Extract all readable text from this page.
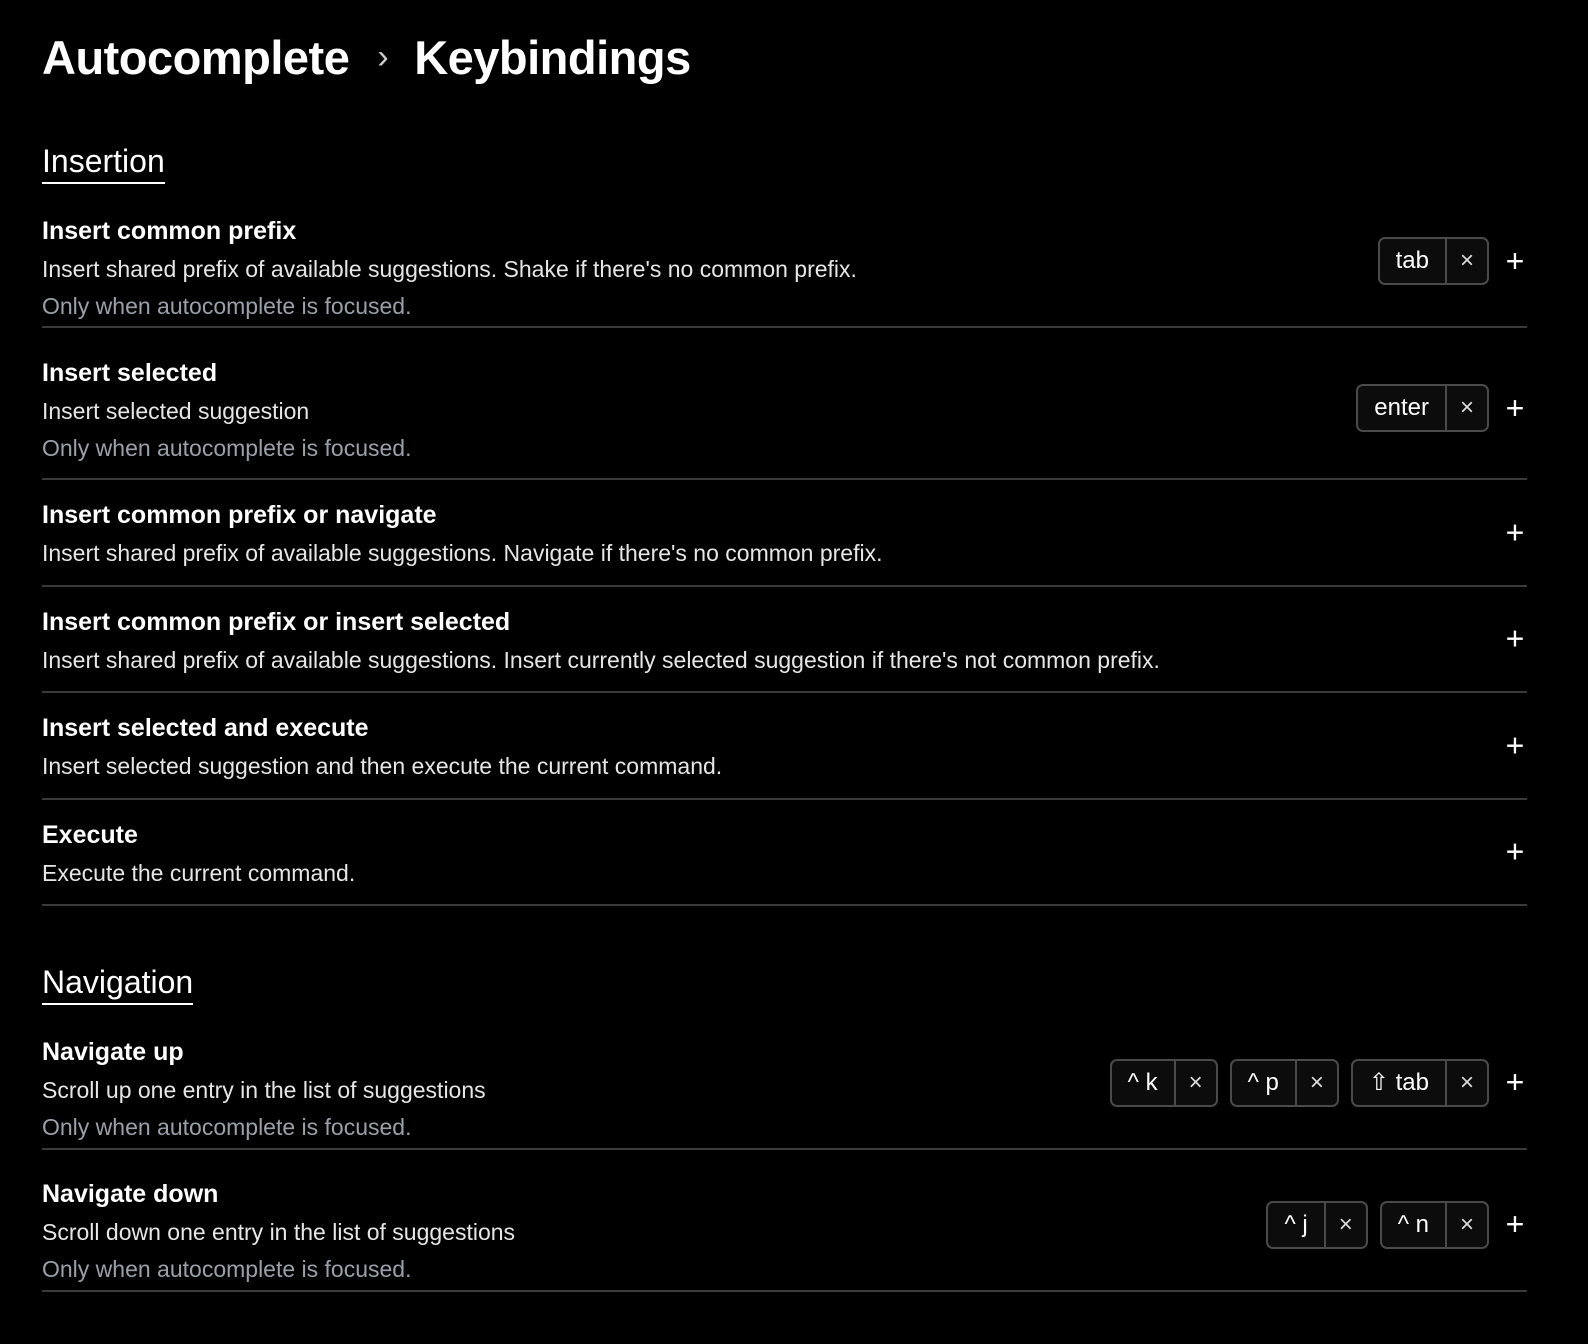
Autocomplete › Keybindings
Insertion
Insert common prefix
Insert shared prefix of available suggestions. Shake if there's no common prefix.
Only when autocomplete is focused.
tab	× +
Insert selected
Insert selected suggestion
Only when autocomplete is focused.
enter	× +
Insert common prefix or navigate
Insert shared prefix of available suggestions. Navigate if there's no common prefix.
+
Insert common prefix or insert selected
Insert shared prefix of available suggestions. Insert currently selected suggestion if there's not common prefix.
+
Insert selected and execute
Insert selected suggestion and then execute the current command.
+
Execute
Execute the current command.
+
Navigation
Navigate up
Scroll up one entry in the list of suggestions
Only when autocomplete is focused.
^ k	×	^ p	×	⇧ tab	× +
Navigate down
Scroll down one entry in the list of suggestions
Only when autocomplete is focused.
^ j	×	^ n	× +
